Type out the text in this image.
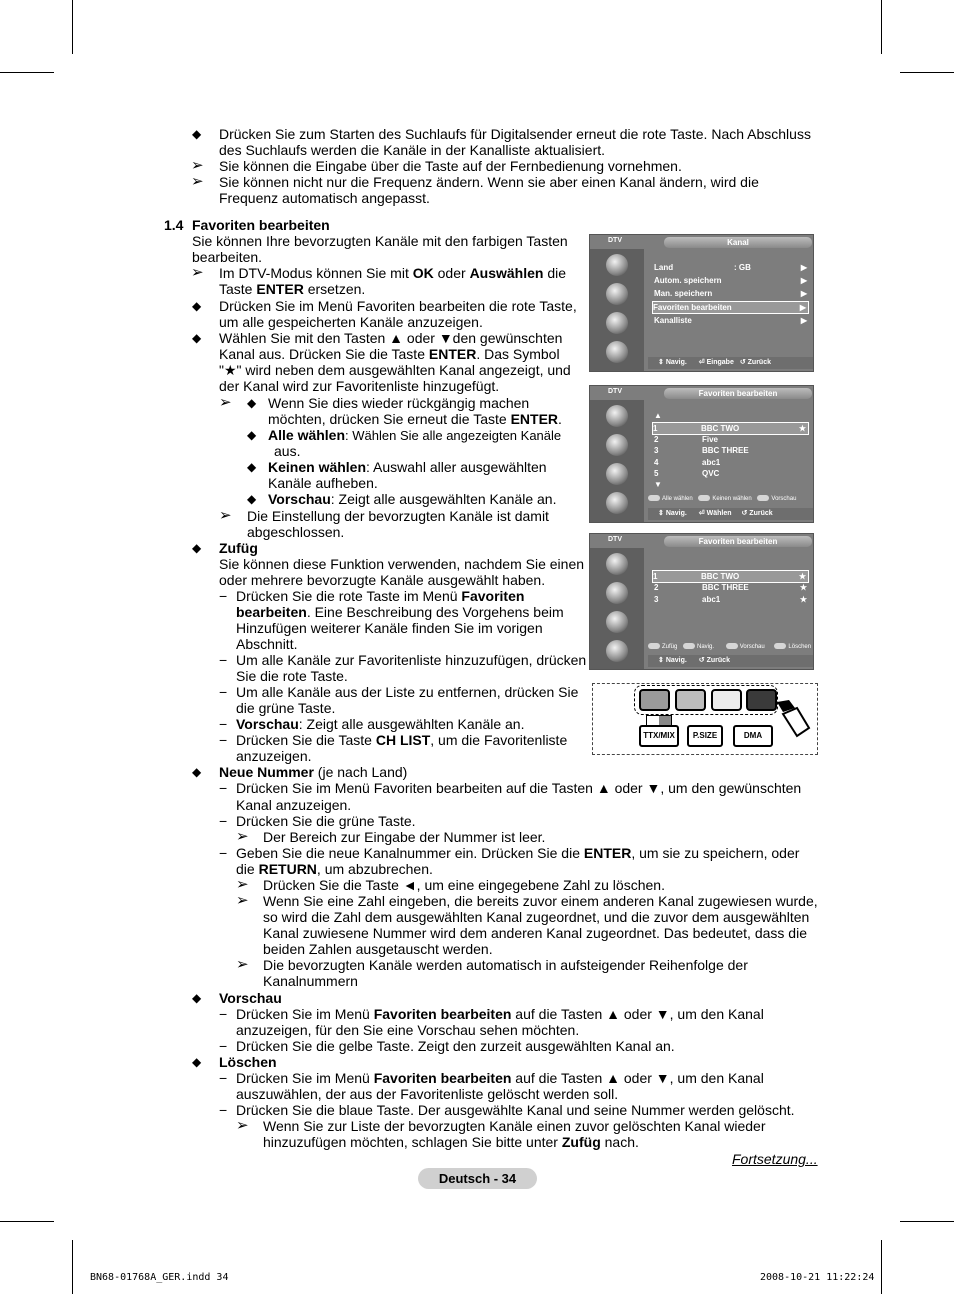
◆ Drücken Sie zum Starten des Suchlaufs für Digitalsender erneut die rote Taste. Nach Abschluss
des Suchlaufs werden die Kanäle in der Kanalliste aktualisiert.
➢ Sie können die Eingabe über die Taste auf der Fernbedienung vornehmen.
➢ Sie können nicht nur die Frequenz ändern. Wenn sie aber einen Kanal ändern, wird die
Frequenz automatisch angepasst.
1.4 Favoriten bearbeiten
Sie können Ihre bevorzugten Kanäle mit den farbigen Tasten
bearbeiten.
➢ Im DTV-Modus können Sie mit OK oder Auswählen die
Taste ENTER ersetzen.
◆ Drücken Sie im Menü Favoriten bearbeiten die rote Taste,
um alle gespeicherten Kanäle anzuzeigen.
◆ Wählen Sie mit den Tasten ▲ oder ▼den gewünschten
Kanal aus. Drücken Sie die Taste ENTER. Das Symbol
"★" wird neben dem ausgewählten Kanal angezeigt, und
der Kanal wird zur Favoritenliste hinzugefügt.
➢ ◆ Wenn Sie dies wieder rückgängig machen
möchten, drücken Sie erneut die Taste ENTER.
◆ Alle wählen: Wählen Sie alle angezeigten Kanäle
aus.
◆ Keinen wählen: Auswahl aller ausgewählten
Kanäle aufheben.
◆ Vorschau: Zeigt alle ausgewählten Kanäle an.
➢ Die Einstellung der bevorzugten Kanäle ist damit
abgeschlossen.
◆ Zufüg
Sie können diese Funktion verwenden, nachdem Sie einen
oder mehrere bevorzugte Kanäle ausgewählt haben.
− Drücken Sie die rote Taste im Menü Favoriten
bearbeiten. Eine Beschreibung des Vorgehens beim
Hinzufügen weiterer Kanäle finden Sie im vorigen
Abschnitt.
− Um alle Kanäle zur Favoritenliste hinzuzufügen, drücken
Sie die rote Taste.
− Um alle Kanäle aus der Liste zu entfernen, drücken Sie
die grüne Taste.
− Vorschau: Zeigt alle ausgewählten Kanäle an.
− Drücken Sie die Taste CH LIST, um die Favoritenliste
anzuzeigen.
◆ Neue Nummer (je nach Land)
− Drücken Sie im Menü Favoriten bearbeiten auf die Tasten ▲ oder ▼, um den gewünschten
Kanal anzuzeigen.
− Drücken Sie die grüne Taste.
➢ Der Bereich zur Eingabe der Nummer ist leer.
− Geben Sie die neue Kanalnummer ein. Drücken Sie die ENTER, um sie zu speichern, oder
die RETURN, um abzubrechen.
➢ Drücken Sie die Taste ◄, um eine eingegebene Zahl zu löschen.
➢ Wenn Sie eine Zahl eingeben, die bereits zuvor einem anderen Kanal zugewiesen wurde,
so wird die Zahl dem ausgewählten Kanal zugeordnet, und die zuvor dem ausgewählten
Kanal zuwiesene Nummer wird dem anderen Kanal zugeordnet. Das bedeutet, dass die
beiden Zahlen ausgetauscht werden.
➢ Die bevorzugten Kanäle werden automatisch in aufsteigender Reihenfolge der
Kanalnummern
◆ Vorschau
− Drücken Sie im Menü Favoriten bearbeiten auf die Tasten ▲ oder ▼, um den Kanal
anzuzeigen, für den Sie eine Vorschau sehen möchten.
− Drücken Sie die gelbe Taste. Zeigt den zurzeit ausgewählten Kanal an.
◆ Löschen
− Drücken Sie im Menü Favoriten bearbeiten auf die Tasten ▲ oder ▼, um den Kanal
auszuwählen, der aus der Favoritenliste gelöscht werden soll.
− Drücken Sie die blaue Taste. Der ausgewählte Kanal und seine Nummer werden gelöscht.
➢ Wenn Sie zur Liste der bevorzugten Kanäle einen zuvor gelöschten Kanal wieder
hinzuzufügen möchten, schlagen Sie bitte unter Zufüg nach.
Fortsetzung...
Deutsch - 34
BN68-01768A_GER.indd 34	2008-10-21 11:22:24
DTV	Kanal
Land	: GB	▶
Autom. speichern	▶
Man. speichern	▶
Favoriten bearbeiten	▶
Kanalliste	▶
⇕ Navig. ⏎ Eingabe ↺ Zurück
DTV	Favoriten bearbeiten
▲
1	BBC TWO	★
2	Five
3	BBC THREE
4	abc1
5	QVC
▼
Alle wählen	Keinen wählen	Vorschau
⇕ Navig. ⏎ Wählen ↺ Zurück
DTV	Favoriten bearbeiten
1	BBC TWO	★
2	BBC THREE	★
3	abc1	★
Zufüg	Navig.	Vorschau	Löschen
⇕ Navig. ↺ Zurück
TTX/MIX	P.SIZE	DMA
